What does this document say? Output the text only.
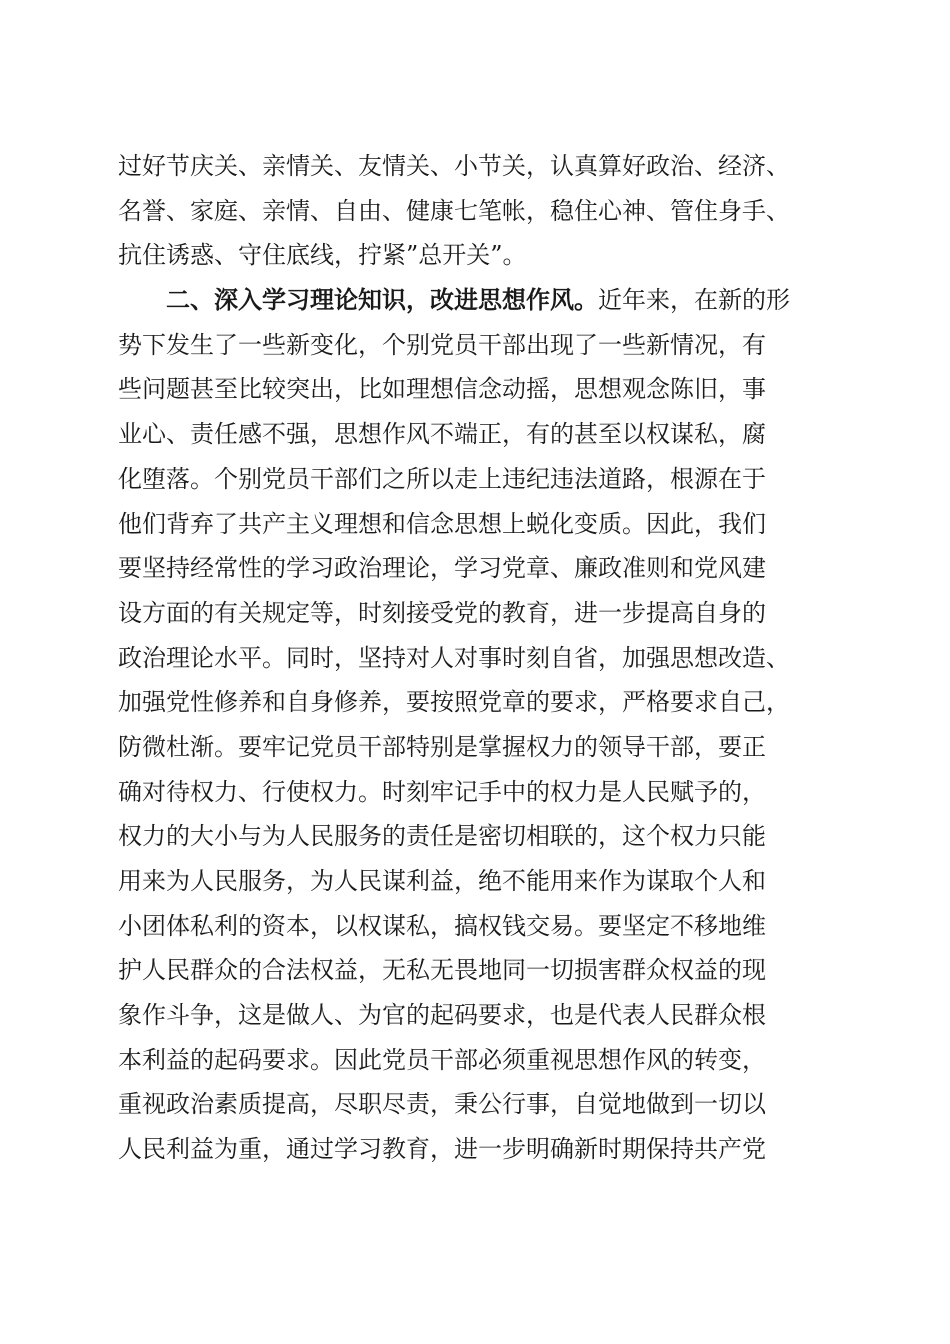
过好节庆关、亲情关、友情关、小节关，认真算好政治、经济、
名誉、家庭、亲情、自由、健康七笔帐，稳住心神、管住身手、
抗住诱惑、守住底线，拧紧”总开关”。
二、深入学习理论知识，改进思想作风。近年来，在新的形
势下发生了一些新变化，个别党员干部出现了一些新情况，有
些问题甚至比较突出，比如理想信念动摇，思想观念陈旧，事
业心、责任感不强，思想作风不端正，有的甚至以权谋私，腐
化堕落。个别党员干部们之所以走上违纪违法道路，根源在于
他们背弃了共产主义理想和信念思想上蜕化变质。因此，我们
要坚持经常性的学习政治理论，学习党章、廉政准则和党风建
设方面的有关规定等，时刻接受党的教育，进一步提高自身的
政治理论水平。同时，坚持对人对事时刻自省，加强思想改造、
加强党性修养和自身修养，要按照党章的要求，严格要求自己，
防微杜渐。要牢记党员干部特别是掌握权力的领导干部，要正
确对待权力、行使权力。时刻牢记手中的权力是人民赋予的，
权力的大小与为人民服务的责任是密切相联的，这个权力只能
用来为人民服务，为人民谋利益，绝不能用来作为谋取个人和
小团体私利的资本，以权谋私，搞权钱交易。要坚定不移地维
护人民群众的合法权益，无私无畏地同一切损害群众权益的现
象作斗争，这是做人、为官的起码要求，也是代表人民群众根
本利益的起码要求。因此党员干部必须重视思想作风的转变，
重视政治素质提高，尽职尽责，秉公行事，自觉地做到一切以
人民利益为重，通过学习教育，进一步明确新时期保持共产党
